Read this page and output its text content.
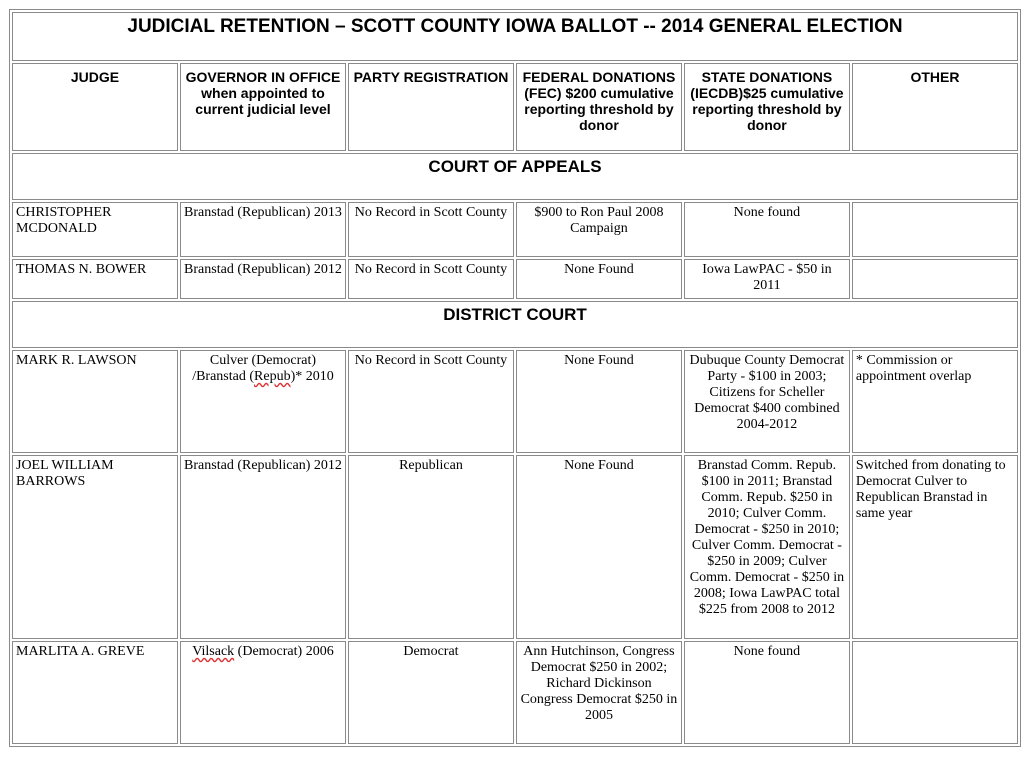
JUDICIAL RETENTION – SCOTT COUNTY IOWA BALLOT -- 2014 GENERAL ELECTION					
JUDGE	GOVERNOR IN OFFICE when appointed to current judicial level	PARTY REGISTRATION	FEDERAL DONATIONS (FEC) $200 cumulative reporting threshold by donor	STATE DONATIONS (IECDB)$25 cumulative reporting threshold by donor	OTHER
COURT OF APPEALS					
CHRISTOPHER MCDONALD	Branstad (Republican) 2013	No Record in Scott County	$900 to Ron Paul 2008 Campaign	None found	
THOMAS N. BOWER	Branstad (Republican) 2012	No Record in Scott County	None Found	Iowa LawPAC - $50 in 2011	
DISTRICT COURT					
MARK R. LAWSON	Culver (Democrat) /Branstad (Repub)* 2010	No Record in Scott County	None Found	Dubuque County Democrat Party - $100 in 2003; Citizens for Scheller Democrat $400 combined 2004-2012	* Commission or appointment overlap
JOEL WILLIAM BARROWS	Branstad (Republican) 2012	Republican	None Found	Branstad Comm. Repub. $100 in 2011; Branstad Comm. Repub. $250 in 2010; Culver Comm. Democrat - $250 in 2010; Culver Comm. Democrat - $250 in 2009; Culver Comm. Democrat - $250 in 2008; Iowa LawPAC total $225 from 2008 to 2012	Switched from donating to Democrat Culver to Republican Branstad in same year
MARLITA A. GREVE	Vilsack (Democrat) 2006	Democrat	Ann Hutchinson, Congress Democrat $250 in 2002; Richard Dickinson Congress Democrat $250 in 2005	None found	
